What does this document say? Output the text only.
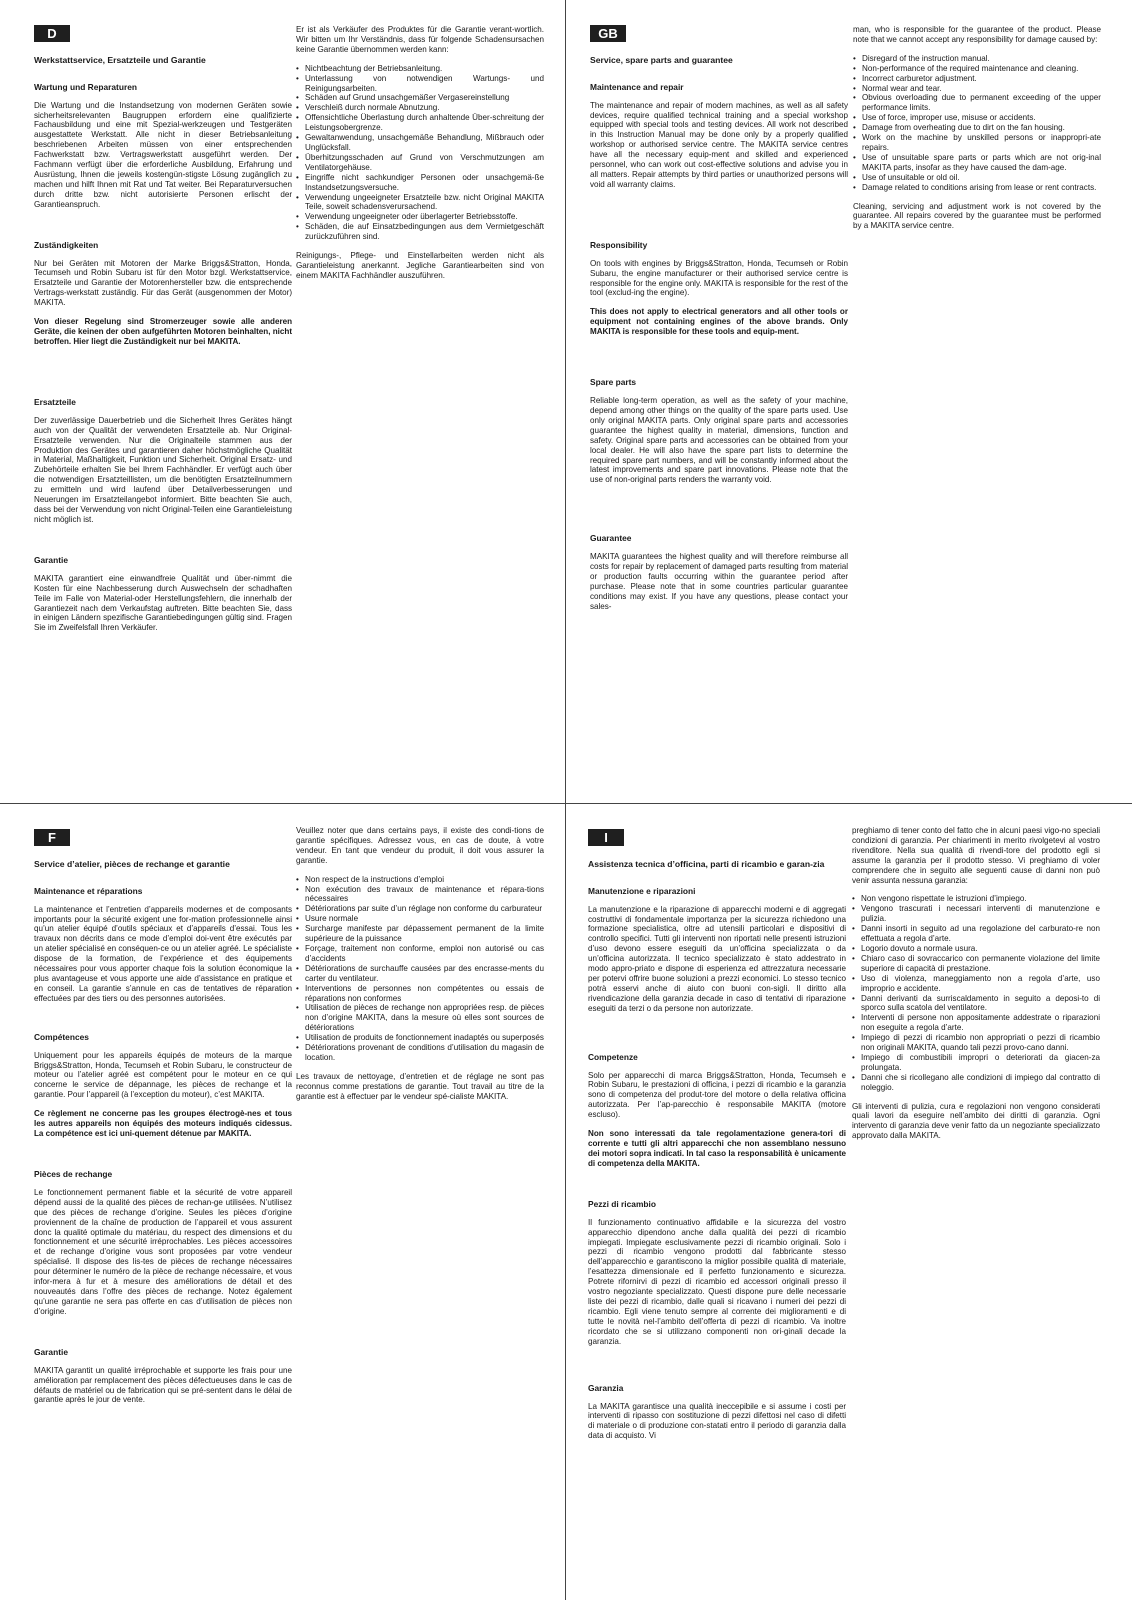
D
Werkstattservice, Ersatzteile und Garantie
Wartung und Reparaturen

Die Wartung und die Instandsetzung von modernen Geräten sowie sicherheitsrelevanten Baugruppen erfordern eine qualifizierte Fachausbildung und eine mit Spezial-werkzeugen und Testgeräten ausgestattete Werkstatt. Alle nicht in dieser Betriebsanleitung beschriebenen Arbeiten müssen von einer entsprechenden Fachwerkstatt bzw. Vertragswerkstatt ausgeführt werden. Der Fachmann verfügt über die erforderliche Ausbildung, Erfahrung und Ausrüstung, Ihnen die jeweils kostengün-stigste Lösung zugänglich zu machen und hilft Ihnen mit Rat und Tat weiter. Bei Reparaturversuchen durch dritte bzw. nicht autorisierte Personen erlischt der Garantieanspruch.

Zuständigkeiten

Nur bei Geräten mit Motoren der Marke Briggs&Stratton, Honda, Tecumseh und Robin Subaru ist für den Motor bzgl. Werkstattservice, Ersatzteile und Garantie der Motorenhersteller bzw. die entsprechende Vertrags-werkstatt zuständig. Für das Gerät (ausgenommen der Motor) MAKITA.

Von dieser Regelung sind Stromerzeuger sowie alle anderen Geräte, die keinen der oben aufgeführten Motoren beinhalten, nicht betroffen. Hier liegt die Zuständigkeit nur bei MAKITA.

Ersatzteile

Der zuverlässige Dauerbetrieb und die Sicherheit Ihres Gerätes hängt auch von der Qualität der verwendeten Ersatzteile ab. Nur Original-Ersatzteile verwenden. Nur die Originalteile stammen aus der Produktion des Gerätes und garantieren daher höchstmögliche Qualität in Material, Maßhaltigkeit, Funktion und Sicherheit. Original Ersatz- und Zubehörteile erhalten Sie bei Ihrem Fachhändler. Er verfügt auch über die notwendigen Ersatzteillisten, um die benötigten Ersatzteilnummern zu ermitteln und wird laufend über Detailverbesserungen und Neuerungen im Ersatzteilangebot informiert. Bitte beachten Sie auch, dass bei der Verwendung von nicht Original-Teilen eine Garantieleistung nicht möglich ist.

Garantie

MAKITA garantiert eine einwandfreie Qualität und über-nimmt die Kosten für eine Nachbesserung durch Auswechseln der schadhaften Teile im Falle von Material-oder Herstellungsfehlern, die innerhalb der Garantiezeit nach dem Verkaufstag auftreten. Bitte beachten Sie, dass in einigen Ländern spezifische Garantiebedingungen gültig sind. Fragen Sie im Zweifelsfall Ihren Verkäufer.

Er ist als Verkäufer des Produktes für die Garantie verant-wortlich. Wir bitten um Ihr Verständnis, dass für folgende Schadensursachen keine Garantie übernommen werden kann:

• Nichtbeachtung der Betriebsanleitung.
• Unterlassung von notwendigen Wartungs- und Reinigungsarbeiten.
• Schäden auf Grund unsachgemäßer Vergasereinstellung
• Verschleiß durch normale Abnutzung.
• Offensichtliche Überlastung durch anhaltende Über-schreitung der Leistungsobergrenze.
• Gewaltanwendung, unsachgemäße Behandlung, Mißbrauch oder Unglücksfall.
• Überhitzungsschaden auf Grund von Verschmutzungen am Ventilatorgehäuse.
• Eingriffe nicht sachkundiger Personen oder unsachgemä-ße Instandsetzungsversuche.
• Verwendung ungeeigneter Ersatzteile bzw. nicht Original MAKITA Teile, soweit schadensverursachend.
• Verwendung ungeeigneter oder überlagerter Betriebsstoffe.
• Schäden, die auf Einsatzbedingungen aus dem Vermietgeschäft zurückzuführen sind.

Reinigungs-, Pflege- und Einstellarbeiten werden nicht als Garantieleistung anerkannt. Jegliche Garantiearbeiten sind von einem MAKITA Fachhändler auszuführen.

GB
Service, spare parts and guarantee
Maintenance and repair

The maintenance and repair of modern machines, as well as all safety devices, require qualified technical training and a special workshop equipped with special tools and testing devices. All work not described in this Instruction Manual may be done only by a properly qualified workshop or authorised service centre. The MAKITA service centres have all the necessary equip-ment and skilled and experienced personnel, who can work out cost-effective solutions and advise you in all matters. Repair attempts by third parties or unauthorized persons will void all warranty claims.

Responsibility

On tools with engines by Briggs&Stratton, Honda, Tecumseh or Robin Subaru, the engine manufacturer or their authorised service centre is responsible for the engine only. MAKITA is responsible for the rest of the tool (exclud-ing the engine).

This does not apply to electrical generators and all other tools or equipment not containing engines of the above brands. Only MAKITA is responsible for these tools and equip-ment.

Spare parts

Reliable long-term operation, as well as the safety of your machine, depend among other things on the quality of the spare parts used. Use only original MAKITA parts. Only original spare parts and accessories guarantee the highest quality in material, dimensions, function and safety. Original spare parts and accessories can be obtained from your local dealer. He will also have the spare part lists to determine the required spare part numbers, and will be constantly informed about the latest improvements and spare part innovations. Please note that the use of non-original parts renders the warranty void.

Guarantee

MAKITA guarantees the highest quality and will therefore reimburse all costs for repair by replacement of damaged parts resulting from material or production faults occurring within the guarantee period after purchase. Please note that in some countries particular guarantee conditions may exist. If you have any questions, please contact your sales-

man, who is responsible for the guarantee of the product. Please note that we cannot accept any responsibility for damage caused by:

• Disregard of the instruction manual.
• Non-performance of the required maintenance and cleaning.
• Incorrect carburetor adjustment.
• Normal wear and tear.
• Obvious overloading due to permanent exceeding of the upper performance limits.
• Use of force, improper use, misuse or accidents.
• Damage from overheating due to dirt on the fan housing.
• Work on the machine by unskilled persons or inappropri-ate repairs.
• Use of unsuitable spare parts or parts which are not orig-inal MAKITA parts, insofar as they have caused the dam-age.
• Use of unsuitable or old oil.
• Damage related to conditions arising from lease or rent contracts.

Cleaning, servicing and adjustment work is not covered by the guarantee. All repairs covered by the guarantee must be performed by a MAKITA service centre.

F
Service d’atelier, pièces de rechange et garantie
Maintenance et réparations

La maintenance et l’entretien d’appareils modernes et de composants importants pour la sécurité exigent une for-mation professionnelle ainsi qu’un atelier équipé d’outils spéciaux et d’appareils d’essai. Tous les travaux non décrits dans ce mode d’emploi doi-vent être exécutés par un atelier spécialisé en conséquen-ce ou un atelier agréé. Le spécialiste dispose de la formation, de l’expérience et des équipements nécessaires pour vous apporter chaque fois la solution économique la plus avantageuse et vous apporte une aide d’assistance en pratique et en conseil. La garantie s’annule en cas de tentatives de réparation effectuées par des tiers ou des personnes autorisées.

Compétences

Uniquement pour les appareils équipés de moteurs de la marque Briggs&Stratton, Honda, Tecumseh et Robin Subaru, le constructeur de moteur ou l’atelier agréé est compétent pour le moteur en ce qui concerne le service de dépannage, les pièces de rechange et la garantie. Pour l’appareil (à l’exception du moteur), c’est MAKITA.

Ce règlement ne concerne pas les groupes électrogè-nes et tous les autres appareils non équipés des moteurs indiqués cidessus. La compétence est ici uni-quement détenue par MAKITA.

Pièces de rechange

Le fonctionnement permanent fiable et la sécurité de votre appareil dépend aussi de la qualité des pièces de rechan-ge utilisées. N’utilisez que des pièces de rechange d’origine. Seules les pièces d’origine proviennent de la chaîne de production de l’appareil et vous assurent donc la qualité optimale du matériau, du respect des dimensions et du fonctionnement et une sécurité irréprochables. Les pièces accessoires et de rechange d’origine vous sont proposées par votre vendeur spécialisé. Il dispose des lis-tes de pièces de rechange nécessaires pour déterminer le numéro de la pièce de rechange nécessaire, et vous infor-mera à fur et à mesure des améliorations de détail et des nouveautés dans l’offre des pièces de rechange. Notez également qu’une garantie ne sera pas offerte en cas d’utilisation de pièces non d’origine.

Garantie

MAKITA garantit un qualité irréprochable et supporte les frais pour une amélioration par remplacement des pièces défectueuses dans le cas de défauts de matériel ou de fabrication qui se pré-sentent dans le délai de garantie après le jour de vente.

Veuillez noter que dans certains pays, il existe des condi-tions de garantie spécifiques. Adressez vous, en cas de doute, à votre vendeur. En tant que vendeur du produit, il doit vous assurer la garantie.

• Non respect de la instructions d’emploi
• Non exécution des travaux de maintenance et répara-tions nécessaires
• Détériorations par suite d’un réglage non conforme du carburateur
• Usure normale
• Surcharge manifeste par dépassement permanent de la limite supérieure de la puissance
• Forçage, traitement non conforme, emploi non autorisé ou cas d’accidents
• Détériorations de surchauffe causées par des encrasse-ments du carter du ventilateur.
• Interventions de personnes non compétentes ou essais de réparations non conformes
• Utilisation de pièces de rechange non appropriées resp. de pièces non d’origine MAKITA, dans la mesure où elles sont sources de détériorations
• Utilisation de produits de fonctionnement inadaptés ou superposés
• Détériorations provenant de conditions d’utilisation du magasin de location.

Les travaux de nettoyage, d’entretien et de réglage ne sont pas reconnus comme prestations de garantie. Tout travail au titre de la garantie est à effectuer par le vendeur spé-cialiste MAKITA.

I
Assistenza tecnica d’officina, parti di ricambio e garan-zia
Manutenzione e riparazioni

La manutenzione e la riparazione di apparecchi moderni e di aggregati costruttivi di fondamentale importanza per la sicurezza richiedono una formazione specialistica, oltre ad utensili particolari e dispositivi di controllo specifici. Tutti gli interventi non riportati nelle presenti istruzioni d’uso devono essere eseguiti da un’officina specializzata o da un’officina autorizzata. Il tecnico specializzato è stato addestrato in modo appro-priato e dispone di esperienza ed attrezzatura necessarie per potervi offrire buone soluzioni a prezzi economici. Lo stesso tecnico potrà esservi anche di aiuto con buoni con-sigli. Il diritto alla rivendicazione della garanzia decade in caso di tentativi di riparazione eseguiti da terzi o da persone non autorizzate.

Competenze

Solo per apparecchi di marca Briggs&Stratton, Honda, Tecumseh e Robin Subaru, le prestazioni di officina, i pezzi di ricambio e la garanzia sono di competenza del produt-tore del motore o della relativa officina autorizzata. Per l’ap-parecchio è responsabile MAKITA (motore escluso).

Non sono interessati da tale regolamentazione genera-tori di corrente e tutti gli altri apparecchi che non assemblano nessuno dei motori sopra indicati. In tal caso la responsabilità è unicamente di competenza della MAKITA.

Pezzi di ricambio

Il funzionamento continuativo affidabile e la sicurezza del vostro apparecchio dipendono anche dalla qualità dei pezzi di ricambio impiegati. Impiegate esclusivamente pezzi di ricambio originali. Solo i pezzi di ricambio vengono prodotti dal fabbricante stesso dell’apparecchio e garantiscono la miglior possibile qualità di materiale, l’esattezza dimensionale ed il perfetto funzionamento e sicurezza. Potrete rifornirvi di pezzi di ricambio ed accessori originali presso il vostro negoziante specializzato. Questi dispone pure delle necessarie liste dei pezzi di ricambio, dalle quali si ricavano i numeri dei pezzi di ricambio. Egli viene tenuto sempre al corrente dei miglioramenti e di tutte le novità nel-l’ambito dell’offerta di pezzi di ricambio. Va inoltre ricordato che se si utilizzano componenti non ori-ginali decade la garanzia.

Garanzia

La MAKITA garantisce una qualità ineccepibile e si assume i costi per interventi di ripasso con sostituzione di pezzi difettosi nel caso di difetti di materiale o di produzione con-statati entro il periodo di garanzia dalla data di acquisto. Vi

preghiamo di tener conto del fatto che in alcuni paesi vigo-no speciali condizioni di garanzia. Per chiarimenti in merito rivolgetevi al vostro rivenditore. Nella sua qualità di rivendi-tore del prodotto egli si assume la garanzia per il prodotto stesso. Vi preghiamo di voler comprendere che in seguito alle seguenti cause di danni non può venir assunta nessuna garanzia:

• Non vengono rispettate le istruzioni d’impiego.
• Vengono trascurati i necessari interventi di manutenzione e pulizia.
• Danni insorti in seguito ad una regolazione del carburato-re non effettuata a regola d’arte.
• Logorio dovuto a normale usura.
• Chiaro caso di sovraccarico con permanente violazione del limite superiore di capacità di prestazione.
• Uso di violenza, maneggiamento non a regola d’arte, uso improprio e accidente.
• Danni derivanti da surriscaldamento in seguito a deposi-to di sporco sulla scatola del ventilatore.
• Interventi di persone non appositamente addestrate o riparazioni non eseguite a regola d’arte.
• Impiego di pezzi di ricambio non appropriati o pezzi di ricambio non originali MAKITA, quando tali pezzi provo-cano danni.
• Impiego di combustibili impropri o deteriorati da giacen-za prolungata.
• Danni che si ricollegano alle condizioni di impiego dal contratto di noleggio.

Gli interventi di pulizia, cura e regolazioni non vengono considerati quali lavori da eseguire nell’ambito dei diritti di garanzia. Ogni intervento di garanzia deve venir fatto da un negoziante specializzato approvato dalla MAKITA.
